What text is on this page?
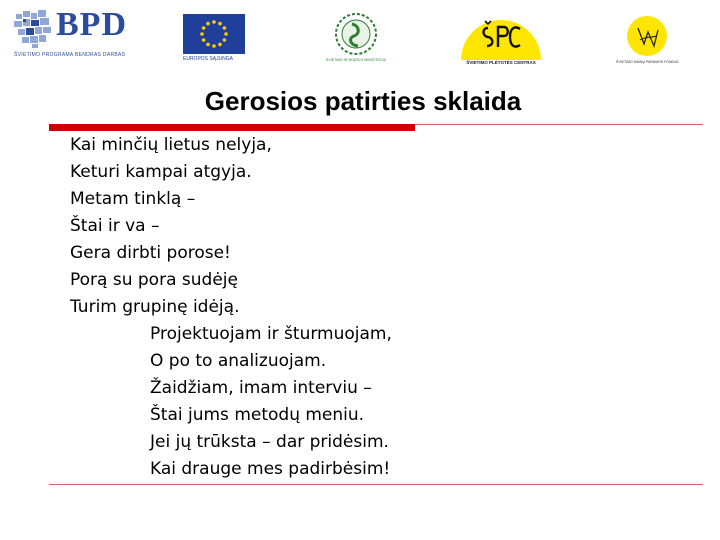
BPD
ŠVIETIMO PROGRAMA BENDRAS DARBAS
EUROPOS SĄJUNGA	ŠVIETIMO IR MOKSLO MINISTERIJA	ŠVIETIMO PLĖTOTĖS CENTRAS	ŠVIETIMO MAINŲ PARAMOS FONDAS
Gerosios patirties sklaida
Kai minčių lietus nelyja,
Keturi kampai atgyja.
Metam tinklą –
Štai ir va –
Gera dirbti porose!
Porą su pora sudėję
Turim grupinę idėją.
Projektuojam ir šturmuojam,
O po to analizuojam.
Žaidžiam, imam interviu –
Štai jums metodų meniu.
Jei jų trūksta – dar pridėsim.
Kai drauge mes padirbėsim!
